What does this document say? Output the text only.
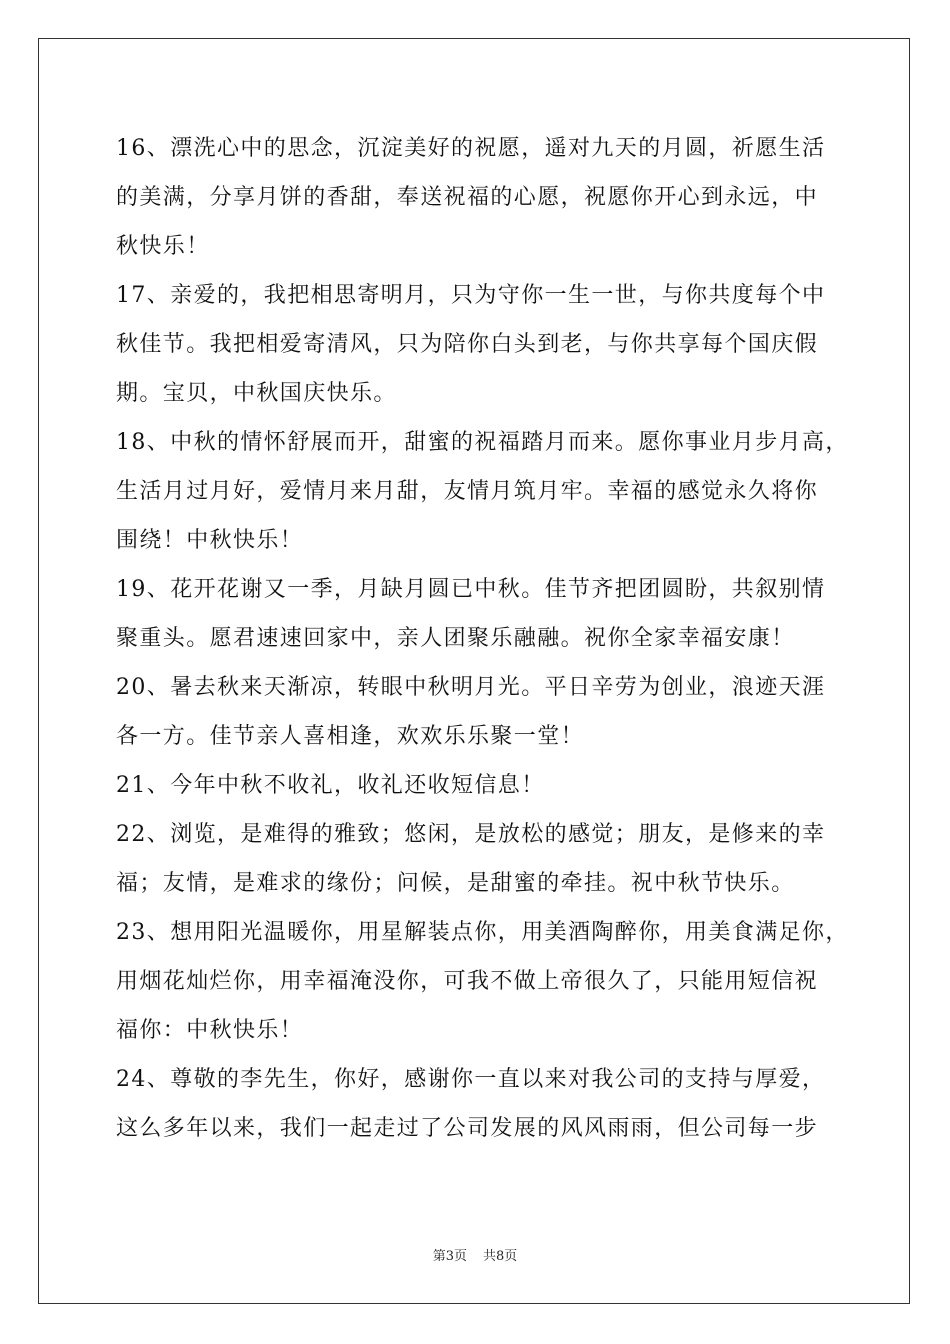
16、漂洗心中的思念，沉淀美好的祝愿，遥对九天的月圆，祈愿生活
的美满，分享月饼的香甜，奉送祝福的心愿，祝愿你开心到永远，中
秋快乐！
17、亲爱的，我把相思寄明月，只为守你一生一世，与你共度每个中
秋佳节。我把相爱寄清风，只为陪你白头到老，与你共享每个国庆假
期。宝贝，中秋国庆快乐。
18、中秋的情怀舒展而开，甜蜜的祝福踏月而来。愿你事业月步月高，
生活月过月好，爱情月来月甜，友情月筑月牢。幸福的感觉永久将你
围绕！中秋快乐！
19、花开花谢又一季，月缺月圆已中秋。佳节齐把团圆盼，共叙别情
聚重头。愿君速速回家中，亲人团聚乐融融。祝你全家幸福安康！
20、暑去秋来天渐凉，转眼中秋明月光。平日辛劳为创业，浪迹天涯
各一方。佳节亲人喜相逢，欢欢乐乐聚一堂！
21、今年中秋不收礼，收礼还收短信息！
22、浏览，是难得的雅致；悠闲，是放松的感觉；朋友，是修来的幸
福；友情，是难求的缘份；问候，是甜蜜的牵挂。祝中秋节快乐。
23、想用阳光温暖你，用星解装点你，用美酒陶醉你，用美食满足你，
用烟花灿烂你，用幸福淹没你，可我不做上帝很久了，只能用短信祝
福你：中秋快乐！
24、尊敬的李先生，你好，感谢你一直以来对我公司的支持与厚爱，
这么多年以来，我们一起走过了公司发展的风风雨雨，但公司每一步
第3页 共8页
